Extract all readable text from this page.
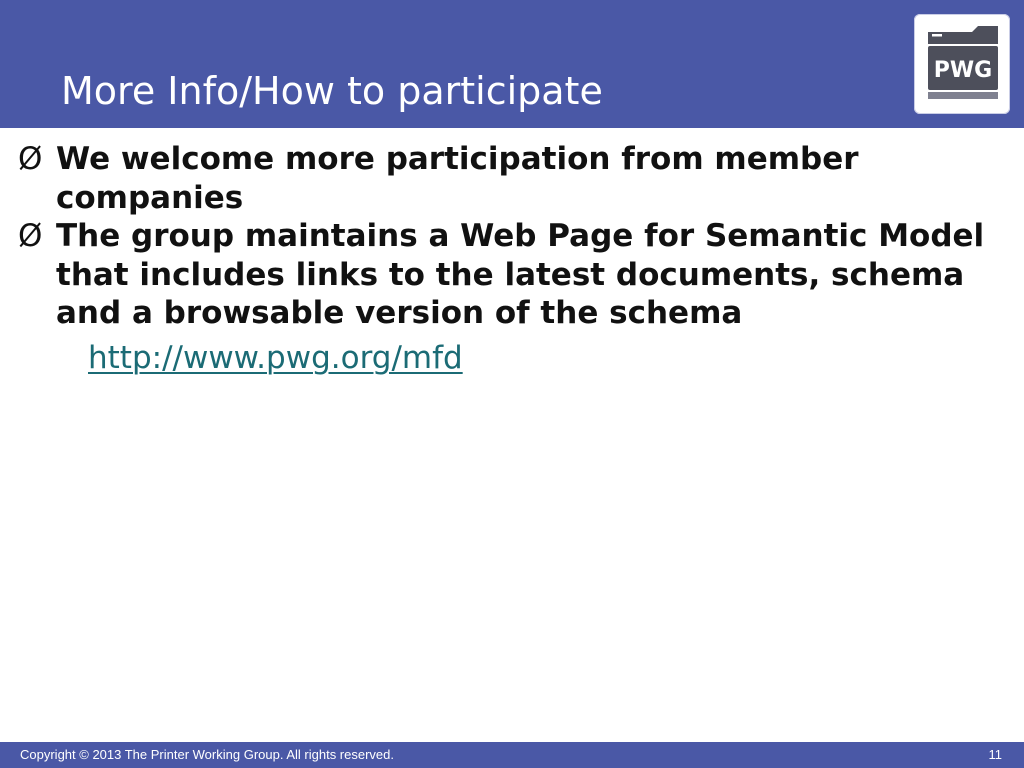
More Info/How to participate	PWG

Ø We welcome more participation from member companies

Ø The group maintains a Web Page for Semantic Model that includes links to the latest documents, schema and a browsable version of the schema

http://www.pwg.org/mfd
Copyright © 2013 The Printer Working Group. All rights reserved.	11
